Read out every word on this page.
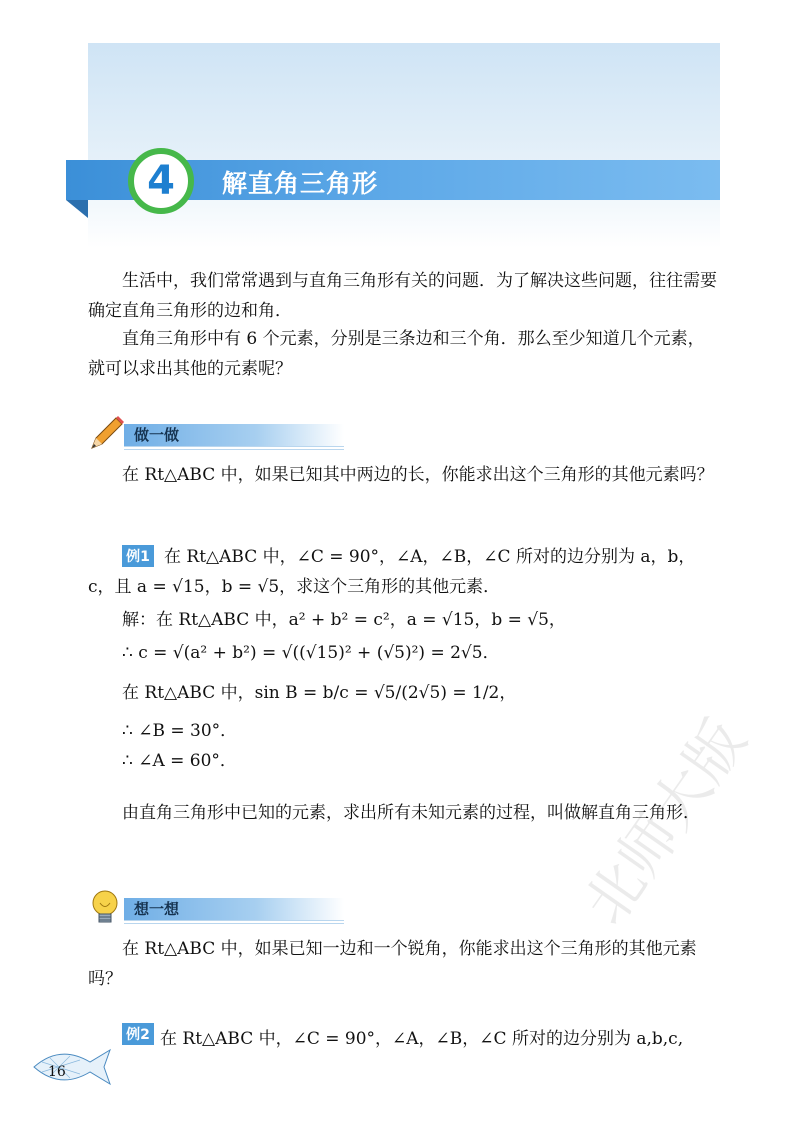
4 解直角三角形

生活中，我们常常遇到与直角三角形有关的问题．为了解决这些问题，往往需要确定直角三角形的边和角．

直角三角形中有 6 个元素，分别是三条边和三个角．那么至少知道几个元素，就可以求出其他的元素呢？

做一做

在 Rt△ABC 中，如果已知其中两边的长，你能求出这个三角形的其他元素吗？

例1 在 Rt△ABC 中，∠C = 90°，∠A，∠B，∠C 所对的边分别为 a，b，c，且 a = √15，b = √5，求这个三角形的其他元素．

解：在 Rt△ABC 中，a² + b² = c²，a = √15，b = √5，
∴ c = √(a² + b²) = √((√15)² + (√5)²) = 2√5．
在 Rt△ABC 中，sin B = b/c = √5/(2√5) = 1/2，
∴ ∠B = 30°．
∴ ∠A = 60°．

由直角三角形中已知的元素，求出所有未知元素的过程，叫做解直角三角形．

想一想

在 Rt△ABC 中，如果已知一边和一个锐角，你能求出这个三角形的其他元素吗？

例2 在 Rt△ABC 中，∠C = 90°，∠A，∠B，∠C 所对的边分别为 a,b,c,
16
北师大版
